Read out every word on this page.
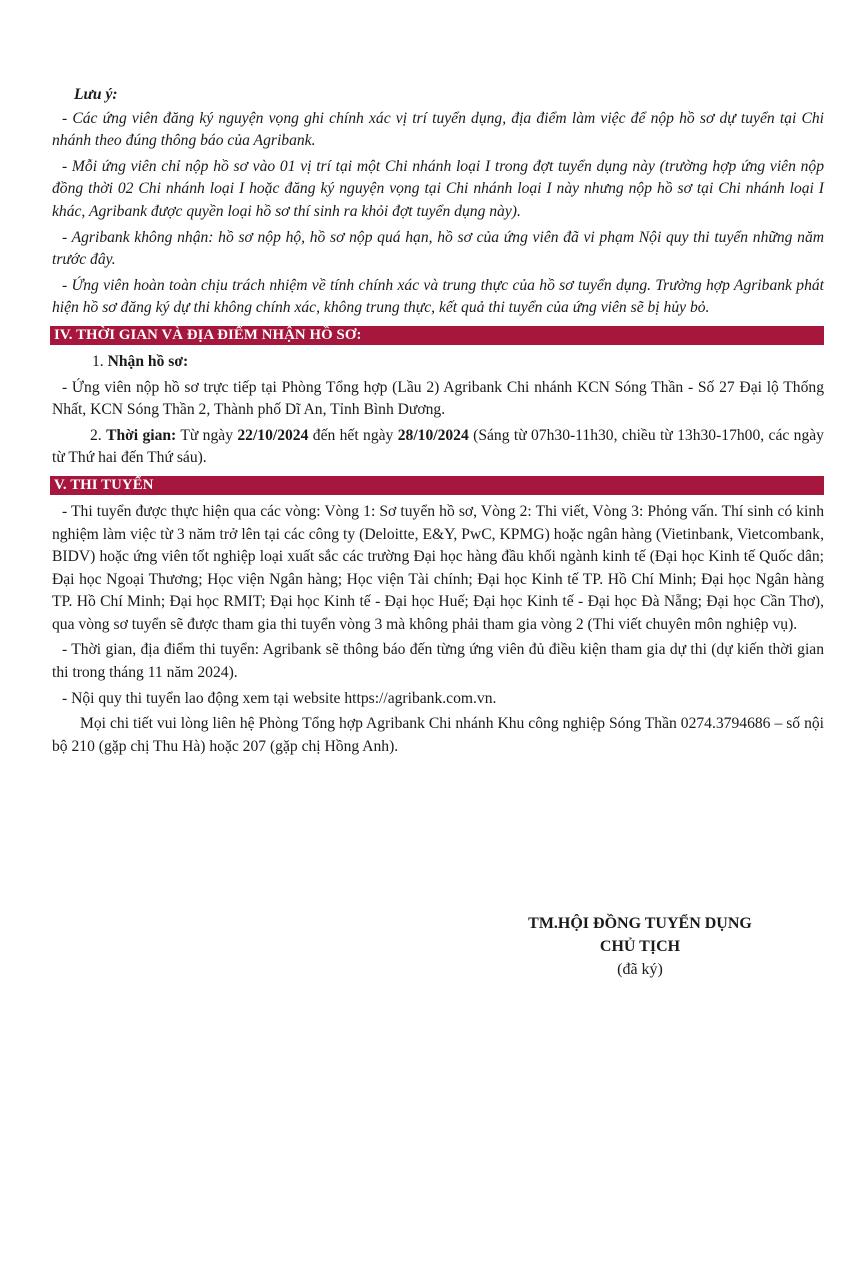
Lưu ý:

- Các ứng viên đăng ký nguyện vọng ghi chính xác vị trí tuyển dụng, địa điểm làm việc để nộp hồ sơ dự tuyển tại Chi nhánh theo đúng thông báo của Agribank.

- Mỗi ứng viên chỉ nộp hồ sơ vào 01 vị trí tại một Chi nhánh loại I trong đợt tuyển dụng này (trường hợp ứng viên nộp đồng thời 02 Chi nhánh loại I hoặc đăng ký nguyện vọng tại Chi nhánh loại I này nhưng nộp hồ sơ tại Chi nhánh loại I khác, Agribank được quyền loại hồ sơ thí sinh ra khỏi đợt tuyển dụng này).

- Agribank không nhận: hồ sơ nộp hộ, hồ sơ nộp quá hạn, hồ sơ của ứng viên đã vi phạm Nội quy thi tuyển những năm trước đây.

- Ứng viên hoàn toàn chịu trách nhiệm về tính chính xác và trung thực của hồ sơ tuyển dụng. Trường hợp Agribank phát hiện hồ sơ đăng ký dự thi không chính xác, không trung thực, kết quả thi tuyển của ứng viên sẽ bị hủy bỏ.

IV. THỜI GIAN VÀ ĐỊA ĐIỂM NHẬN HỒ SƠ:
1. Nhận hồ sơ:

- Ứng viên nộp hồ sơ trực tiếp tại Phòng Tổng hợp (Lầu 2) Agribank Chi nhánh KCN Sóng Thần - Số 27 Đại lộ Thống Nhất, KCN Sóng Thần 2, Thành phố Dĩ An, Tỉnh Bình Dương.

2. Thời gian: Từ ngày 22/10/2024 đến hết ngày 28/10/2024 (Sáng từ 07h30-11h30, chiều từ 13h30-17h00, các ngày từ Thứ hai đến Thứ sáu).

V. THI TUYỂN

- Thi tuyển được thực hiện qua các vòng: Vòng 1: Sơ tuyển hồ sơ, Vòng 2: Thi viết, Vòng 3: Phỏng vấn. Thí sinh có kinh nghiệm làm việc từ 3 năm trở lên tại các công ty (Deloitte, E&Y, PwC, KPMG) hoặc ngân hàng (Vietinbank, Vietcombank, BIDV) hoặc ứng viên tốt nghiệp loại xuất sắc các trường Đại học hàng đầu khối ngành kinh tế (Đại học Kinh tế Quốc dân; Đại học Ngoại Thương; Học viện Ngân hàng; Học viện Tài chính; Đại học Kinh tế TP. Hồ Chí Minh; Đại học Ngân hàng TP. Hồ Chí Minh; Đại học RMIT; Đại học Kinh tế - Đại học Huế; Đại học Kinh tế - Đại học Đà Nẵng; Đại học Cần Thơ), qua vòng sơ tuyển sẽ được tham gia thi tuyển vòng 3 mà không phải tham gia vòng 2 (Thi viết chuyên môn nghiệp vụ).

- Thời gian, địa điểm thi tuyển: Agribank sẽ thông báo đến từng ứng viên đủ điều kiện tham gia dự thi (dự kiến thời gian thi trong tháng 11 năm 2024).

- Nội quy thi tuyển lao động xem tại website https://agribank.com.vn.

Mọi chi tiết vui lòng liên hệ Phòng Tổng hợp Agribank Chi nhánh Khu công nghiệp Sóng Thần 0274.3794686 – số nội bộ 210 (gặp chị Thu Hà) hoặc 207 (gặp chị Hồng Anh).

TM.HỘI ĐỒNG TUYỂN DỤNG
CHỦ TỊCH
(đã ký)
